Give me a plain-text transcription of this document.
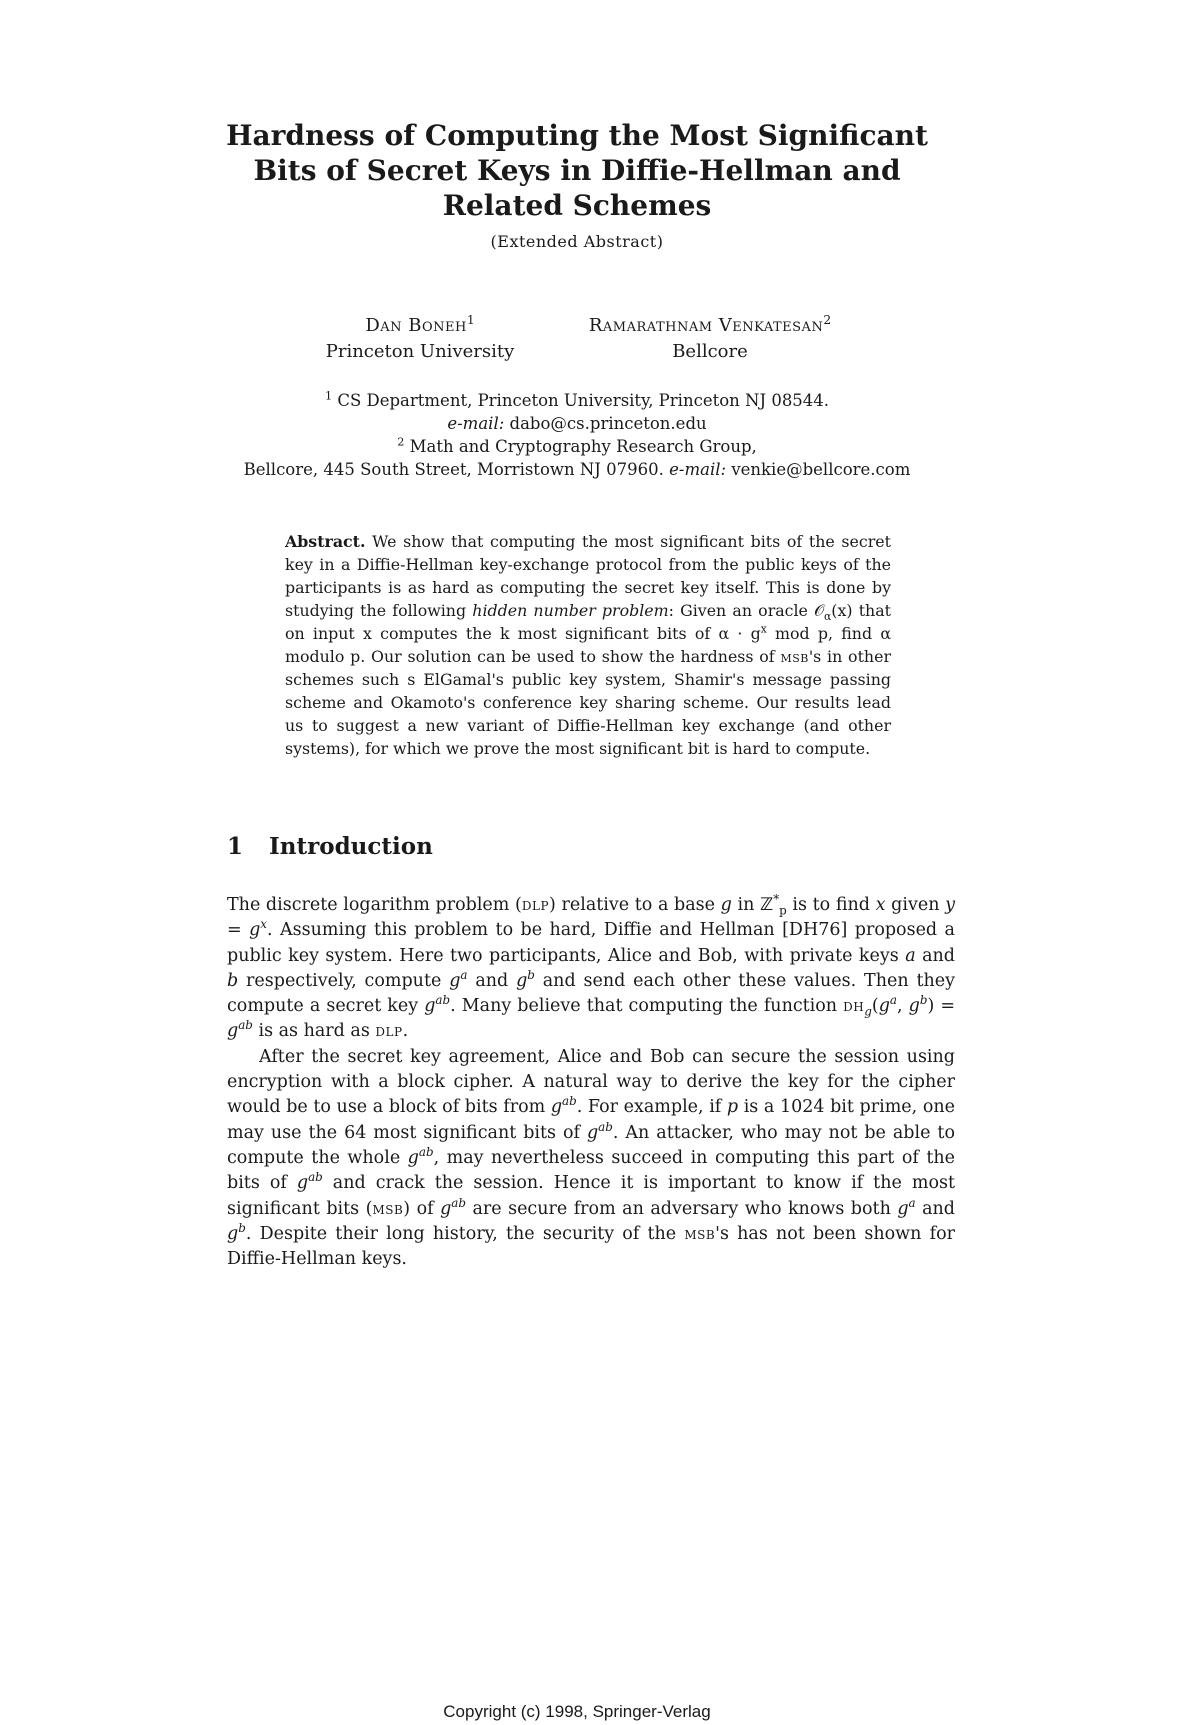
Hardness of Computing the Most Significant
Bits of Secret Keys in Diffie-Hellman and
Related Schemes
(Extended Abstract)
Dan Boneh$^1$
Princeton University
Ramarathnam Venkatesan$^2$
Bellcore
$^1$ CS Department, Princeton University, Princeton NJ 08544.
e-mail: dabo@cs.princeton.edu
$^2$ Math and Cryptography Research Group,
Bellcore, 445 South Street, Morristown NJ 07960. e-mail: venkie@bellcore.com
Abstract. We show that computing the most significant bits of the secret key in a Diffie-Hellman key-exchange protocol from the public keys of the participants is as hard as computing the secret key itself. This is done by studying the following hidden number problem: Given an oracle 𝒪$_\alpha$(x) that on input x computes the k most significant bits of $\alpha \cdot g^x$ mod p, find α modulo p. Our solution can be used to show the hardness of msb's in other schemes such s ElGamal's public key system, Shamir's message passing scheme and Okamoto's conference key sharing scheme. Our results lead us to suggest a new variant of Diffie-Hellman key exchange (and other systems), for which we prove the most significant bit is hard to compute.
1 Introduction

The discrete logarithm problem (dlp) relative to a base g in ℤ*$_p$ is to find x given $y = g^x$. Assuming this problem to be hard, Diffie and Hellman [DH76] proposed a public key system. Here two participants, Alice and Bob, with private keys a and b respectively, compute $g^a$ and $g^b$ and send each other these values. Then they compute a secret key $g^{ab}$. Many believe that computing the function $dh_g(g^a$, $g^b) = g^{ab}$ is as hard as dlp.

After the secret key agreement, Alice and Bob can secure the session using encryption with a block cipher. A natural way to derive the key for the cipher would be to use a block of bits from $g^{ab}$. For example, if p is a 1024 bit prime, one may use the 64 most significant bits of $g^{ab}$. An attacker, who may not be able to compute the whole $g^{ab}$, may nevertheless succeed in computing this part of the bits of $g^{ab}$ and crack the session. Hence it is important to know if the most significant bits (msb) of $g^{ab}$ are secure from an adversary who knows both $g^a$ and $g^b$. Despite their long history, the security of the msb's has not been shown for Diffie-Hellman keys.

Copyright (c) 1998, Springer-Verlag
